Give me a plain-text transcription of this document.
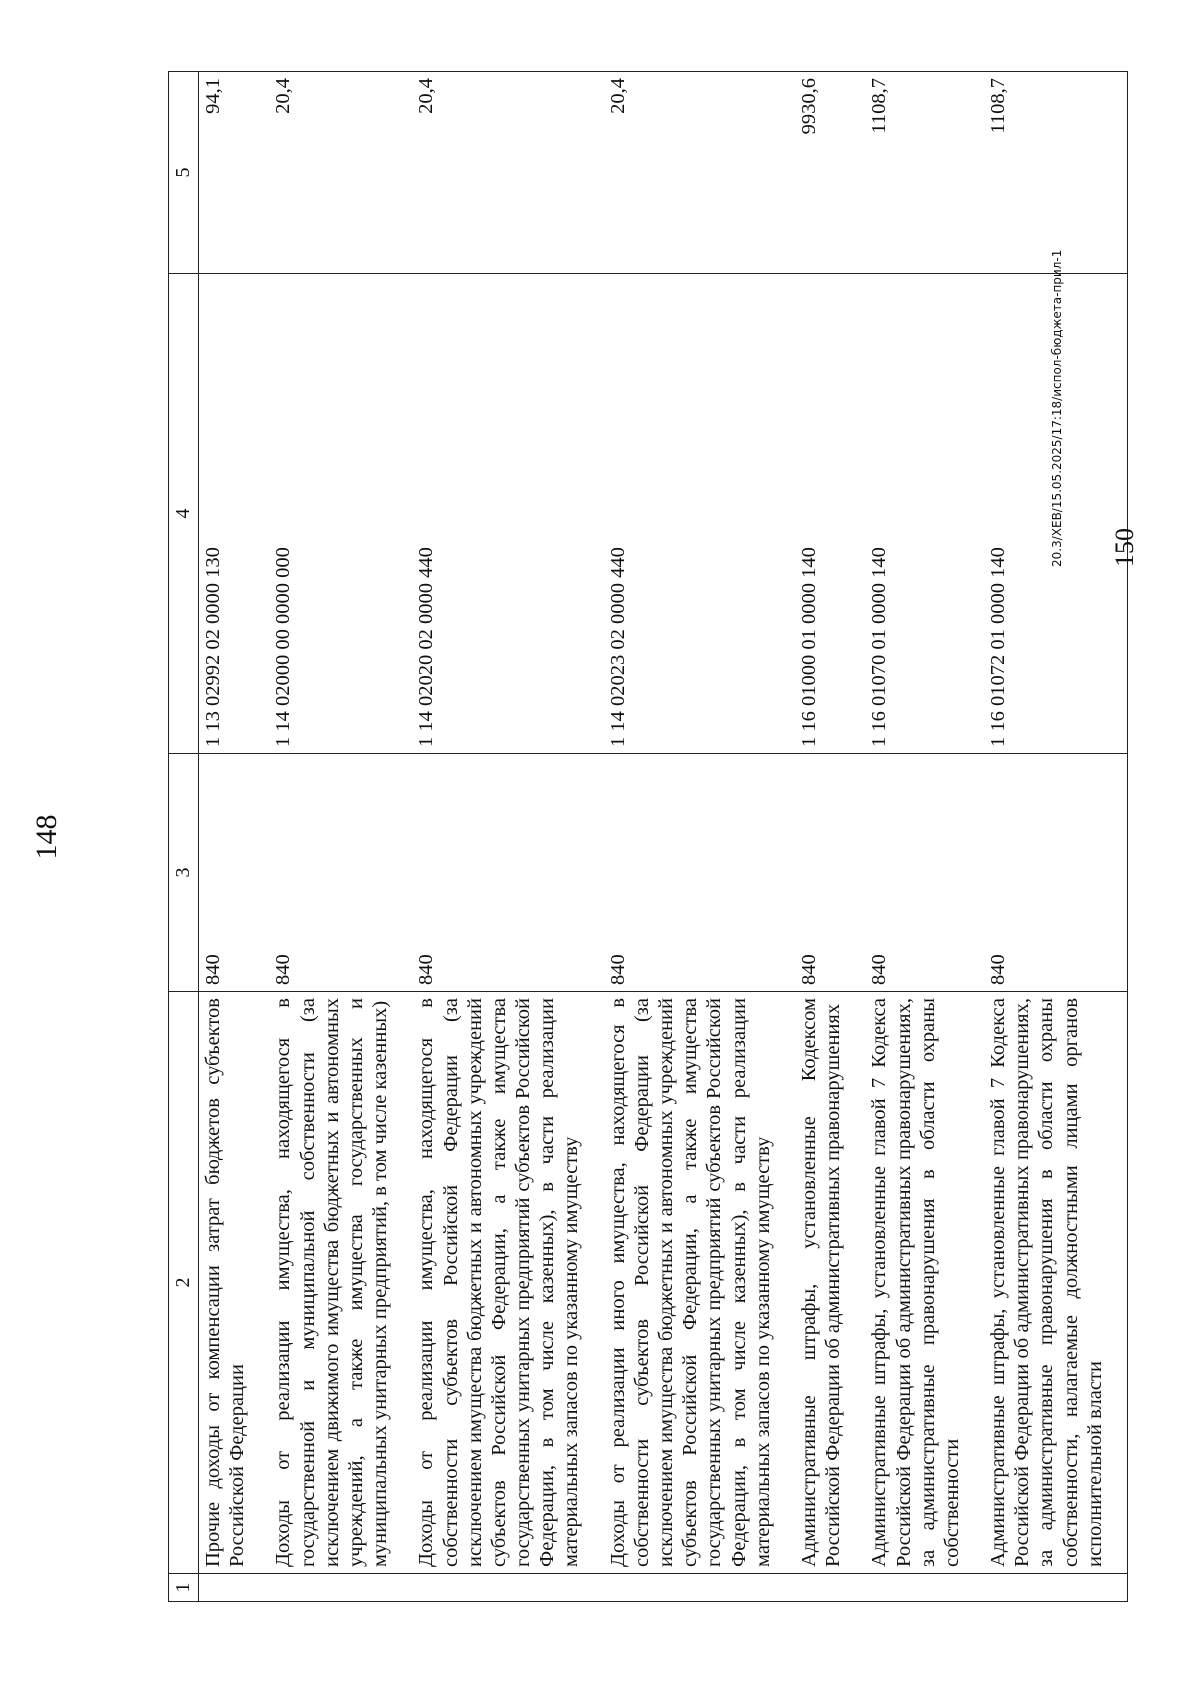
148
1	2	3	4	5
	Прочие доходы от компенсации затрат бюджетов субъектов Российской Федерации	840	1 13 02992 02 0000 130	94,1
	Доходы от реализации имущества, находящегося в государственной и муниципальной собственности (за исключением движимого имущества бюджетных и автономных учреждений, а также имущества государственных и муниципальных унитарных предприятий, в том числе казенных)	840	1 14 02000 00 0000 000	20,4
	Доходы от реализации имущества, находящегося в собственности субъектов Российской Федерации (за исключением имущества бюджетных и автономных учреждений субъектов Российской Федерации, а также имущества государственных унитарных предприятий субъектов Российской Федерации, в том числе казенных), в части реализации материальных запасов по указанному имуществу	840	1 14 02020 02 0000 440	20,4
	Доходы от реализации иного имущества, находящегося в собственности субъектов Российской Федерации (за исключением имущества бюджетных и автономных учреждений субъектов Российской Федерации, а также имущества государственных унитарных предприятий субъектов Российской Федерации, в том числе казенных), в части реализации материальных запасов по указанному имуществу	840	1 14 02023 02 0000 440	20,4
	Административные штрафы, установленные Кодексом Российской Федерации об административных правонарушениях	840	1 16 01000 01 0000 140	9930,6
	Административные штрафы, установленные главой 7 Кодекса Российской Федерации об административных правонарушениях, за административные правонарушения в области охраны собственности	840	1 16 01070 01 0000 140	1108,7
	Административные штрафы, установленные главой 7 Кодекса Российской Федерации об административных правонарушениях, за административные правонарушения в области охраны собственности, налагаемые должностными лицами органов исполнительной власти	840	1 16 01072 01 0000 140	1108,7
20.3/ХЕВ/15.05.2025/17:18/испол-бюджета-прил-1 150
